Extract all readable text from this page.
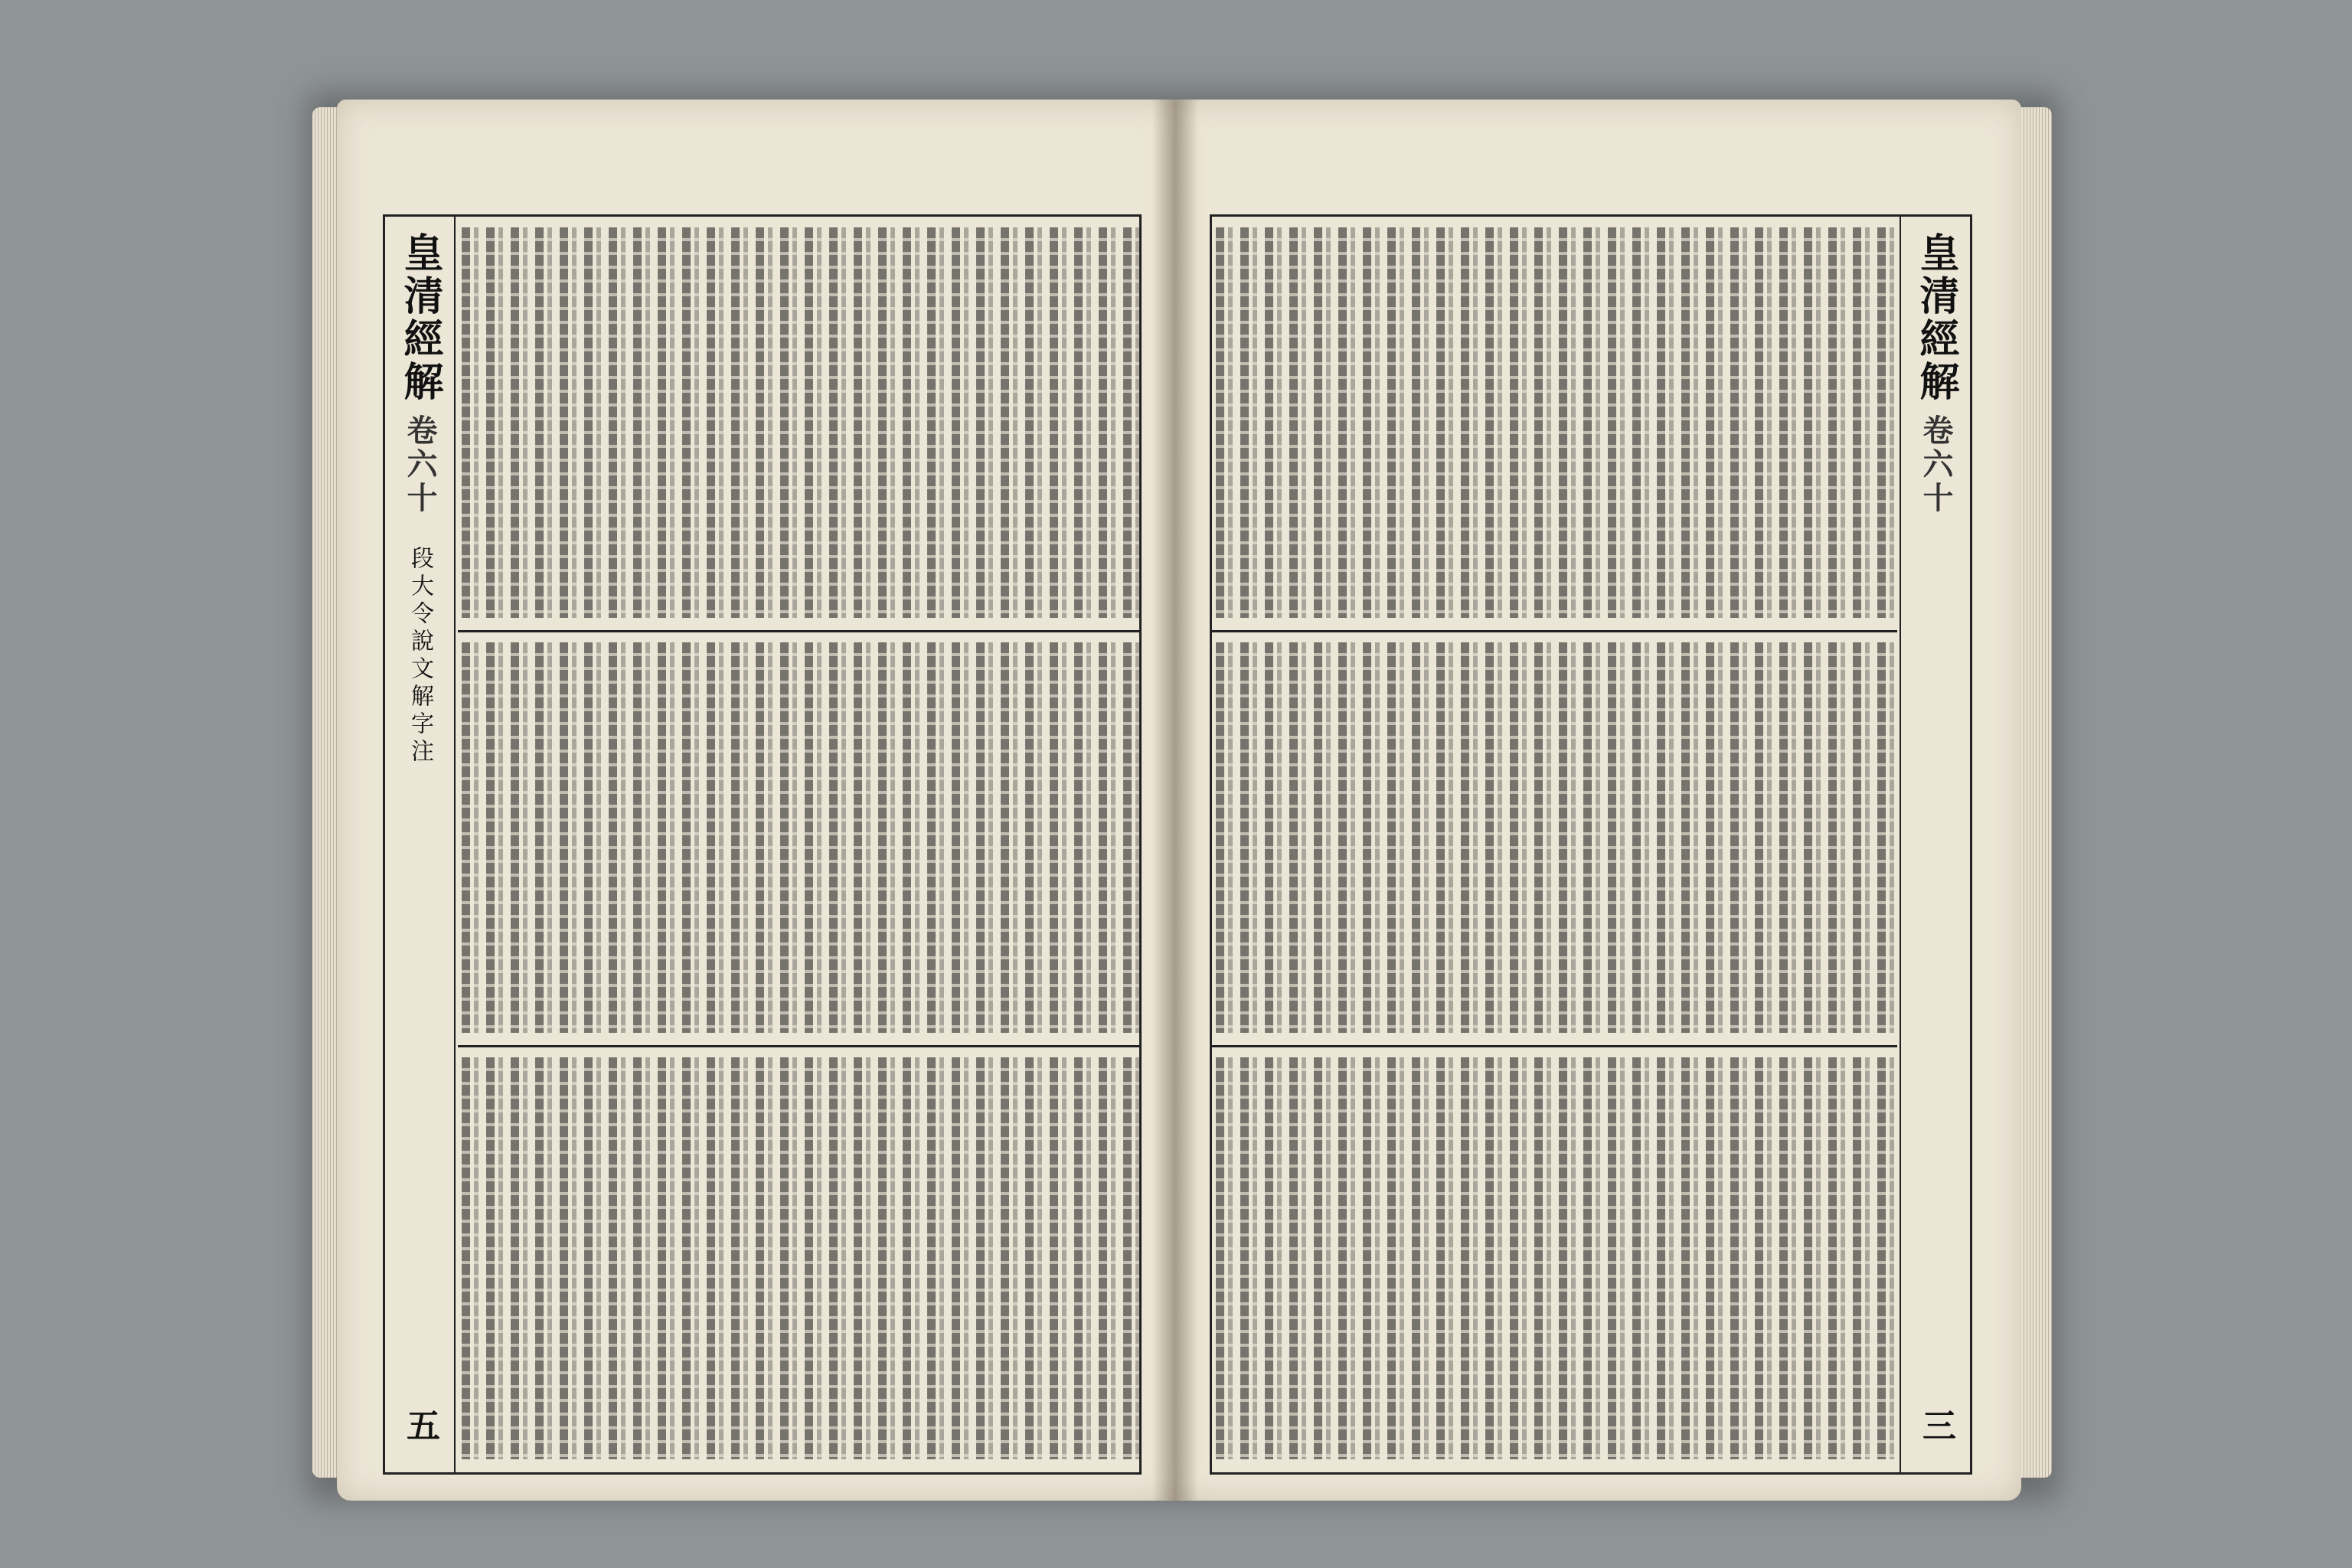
皇清經解
卷六十
段大令說文解字注
五
皇清經解
卷六十
三
